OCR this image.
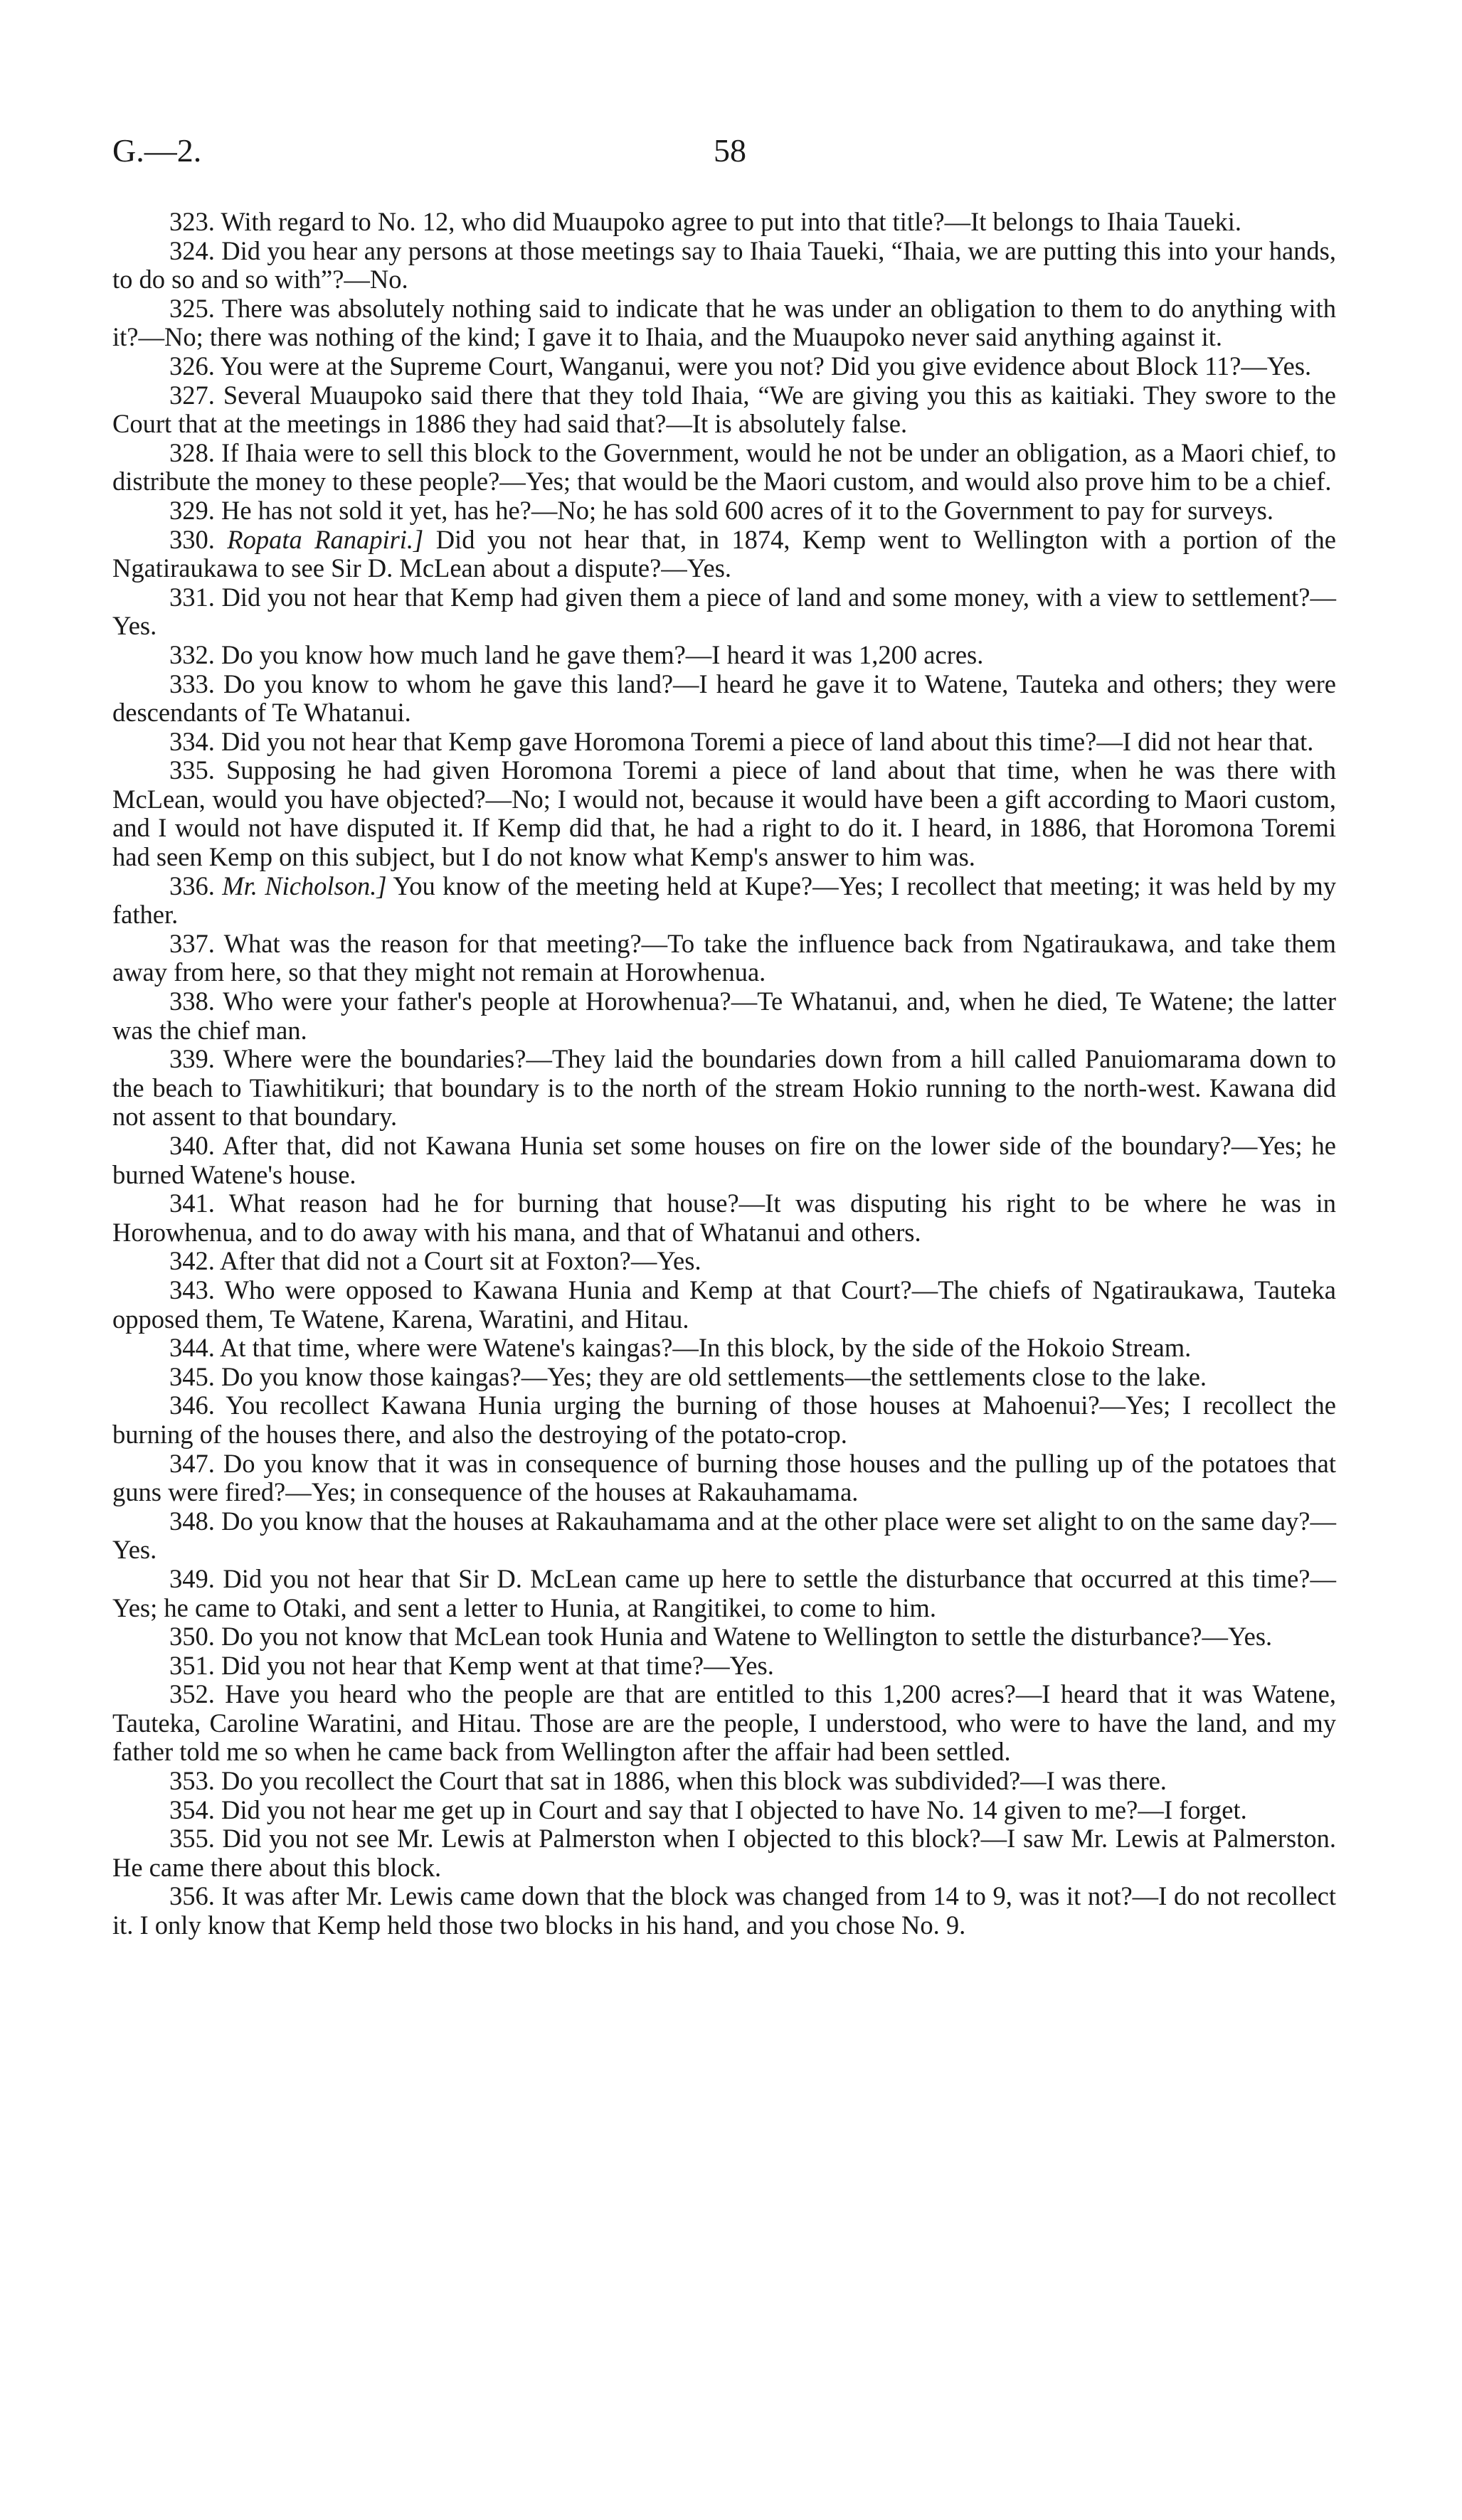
G.—2.	58

323. With regard to No. 12, who did Muaupoko agree to put into that title?—It belongs to Ihaia Taueki.

324. Did you hear any persons at those meetings say to Ihaia Taueki, “Ihaia, we are putting this into your hands, to do so and so with”?—No.

325. There was absolutely nothing said to indicate that he was under an obligation to them to do anything with it?—No; there was nothing of the kind; I gave it to Ihaia, and the Muaupoko never said anything against it.

326. You were at the Supreme Court, Wanganui, were you not? Did you give evidence about Block 11?—Yes.

327. Several Muaupoko said there that they told Ihaia, “We are giving you this as kaitiaki. They swore to the Court that at the meetings in 1886 they had said that?—It is absolutely false.

328. If Ihaia were to sell this block to the Government, would he not be under an obligation, as a Maori chief, to distribute the money to these people?—Yes; that would be the Maori custom, and would also prove him to be a chief.

329. He has not sold it yet, has he?—No; he has sold 600 acres of it to the Government to pay for surveys.

330. Ropata Ranapiri.] Did you not hear that, in 1874, Kemp went to Wellington with a portion of the Ngatiraukawa to see Sir D. McLean about a dispute?—Yes.

331. Did you not hear that Kemp had given them a piece of land and some money, with a view to settlement?—Yes.

332. Do you know how much land he gave them?—I heard it was 1,200 acres.

333. Do you know to whom he gave this land?—I heard he gave it to Watene, Tauteka and others; they were descendants of Te Whatanui.

334. Did you not hear that Kemp gave Horomona Toremi a piece of land about this time?—I did not hear that.

335. Supposing he had given Horomona Toremi a piece of land about that time, when he was there with McLean, would you have objected?—No; I would not, because it would have been a gift according to Maori custom, and I would not have disputed it. If Kemp did that, he had a right to do it. I heard, in 1886, that Horomona Toremi had seen Kemp on this subject, but I do not know what Kemp's answer to him was.

336. Mr. Nicholson.] You know of the meeting held at Kupe?—Yes; I recollect that meeting; it was held by my father.

337. What was the reason for that meeting?—To take the influence back from Ngatiraukawa, and take them away from here, so that they might not remain at Horowhenua.

338. Who were your father's people at Horowhenua?—Te Whatanui, and, when he died, Te Watene; the latter was the chief man.

339. Where were the boundaries?—They laid the boundaries down from a hill called Panuiomarama down to the beach to Tiawhitikuri; that boundary is to the north of the stream Hokio running to the north-west. Kawana did not assent to that boundary.

340. After that, did not Kawana Hunia set some houses on fire on the lower side of the boundary?—Yes; he burned Watene's house.

341. What reason had he for burning that house?—It was disputing his right to be where he was in Horowhenua, and to do away with his mana, and that of Whatanui and others.

342. After that did not a Court sit at Foxton?—Yes.

343. Who were opposed to Kawana Hunia and Kemp at that Court?—The chiefs of Ngatiraukawa, Tauteka opposed them, Te Watene, Karena, Waratini, and Hitau.

344. At that time, where were Watene's kaingas?—In this block, by the side of the Hokoio Stream.

345. Do you know those kaingas?—Yes; they are old settlements—the settlements close to the lake.

346. You recollect Kawana Hunia urging the burning of those houses at Mahoenui?—Yes; I recollect the burning of the houses there, and also the destroying of the potato-crop.

347. Do you know that it was in consequence of burning those houses and the pulling up of the potatoes that guns were fired?—Yes; in consequence of the houses at Rakauhamama.

348. Do you know that the houses at Rakauhamama and at the other place were set alight to on the same day?—Yes.

349. Did you not hear that Sir D. McLean came up here to settle the disturbance that occurred at this time?—Yes; he came to Otaki, and sent a letter to Hunia, at Rangitikei, to come to him.

350. Do you not know that McLean took Hunia and Watene to Wellington to settle the disturbance?—Yes.

351. Did you not hear that Kemp went at that time?—Yes.

352. Have you heard who the people are that are entitled to this 1,200 acres?—I heard that it was Watene, Tauteka, Caroline Waratini, and Hitau. Those are are the people, I understood, who were to have the land, and my father told me so when he came back from Wellington after the affair had been settled.

353. Do you recollect the Court that sat in 1886, when this block was subdivided?—I was there.

354. Did you not hear me get up in Court and say that I objected to have No. 14 given to me?—I forget.

355. Did you not see Mr. Lewis at Palmerston when I objected to this block?—I saw Mr. Lewis at Palmerston. He came there about this block.

356. It was after Mr. Lewis came down that the block was changed from 14 to 9, was it not?—I do not recollect it. I only know that Kemp held those two blocks in his hand, and you chose No. 9.
